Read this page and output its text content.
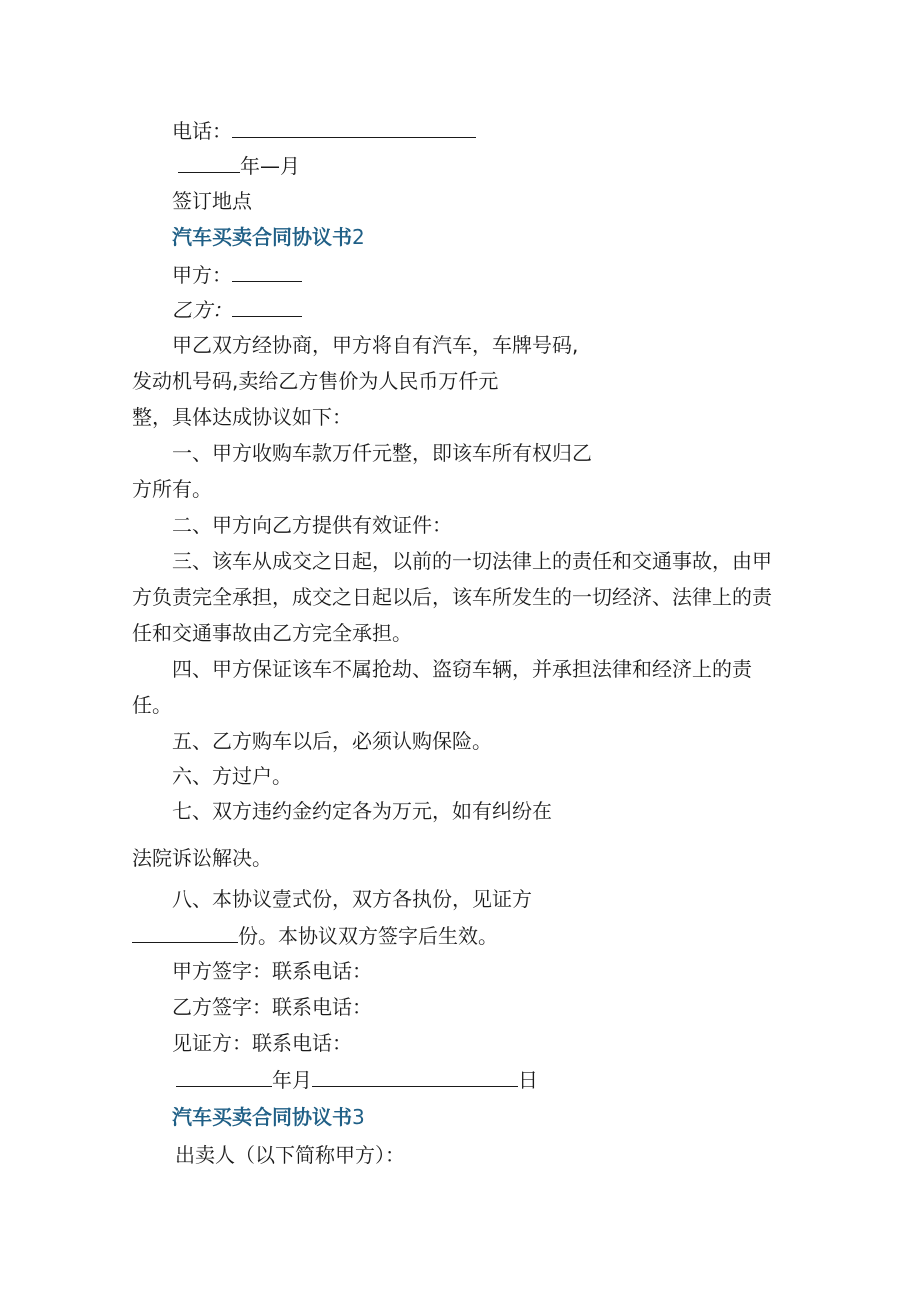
电话：
年—月
签订地点
汽车买卖合同协议书2
甲方：
乙方：
甲乙双方经协商，甲方将自有汽车，车牌号码,
发动机号码,卖给乙方售价为人民币万仟元
整，具体达成协议如下：
一、甲方收购车款万仟元整，即该车所有权归乙
方所有。
二、甲方向乙方提供有效证件：
三、该车从成交之日起，以前的一切法律上的责任和交通事故，由甲
方负责完全承担，成交之日起以后，该车所发生的一切经济、法律上的责
任和交通事故由乙方完全承担。
四、甲方保证该车不属抢劫、盗窃车辆，并承担法律和经济上的责
任。
五、乙方购车以后，必须认购保险。
六、方过户。
七、双方违约金约定各为万元，如有纠纷在
法院诉讼解决。
八、本协议壹式份，双方各执份，见证方
份。本协议双方签字后生效。
甲方签字：联系电话：
乙方签字：联系电话：
见证方：联系电话：
年月	日
汽车买卖合同协议书3
出卖人（以下简称甲方）：
